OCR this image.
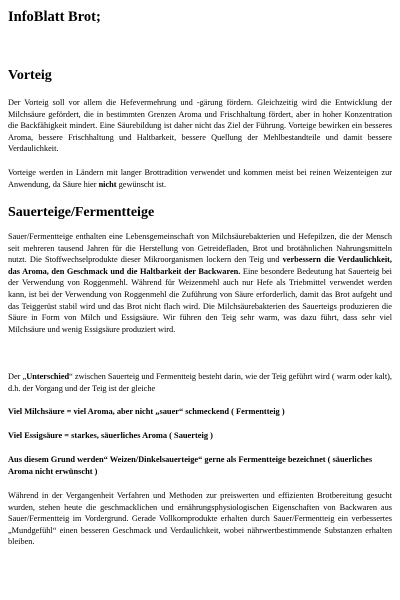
InfoBlatt Brot;
Vorteig

Der Vorteig soll vor allem die Hefevermehrung und -gärung fördern. Gleichzeitig wird die Entwicklung der Milchsäure gefördert, die in bestimmten Grenzen Aroma und Frischhaltung fördert, aber in hoher Konzentration die Backfähigkeit mindert. Eine Säurebildung ist daher nicht das Ziel der Führung. Vorteige bewirken ein besseres Aroma, bessere Frischhaltung und Haltbarkeit, bessere Quellung der Mehlbestandteile und damit bessere Verdaulichkeit.

Vorteige werden in Ländern mit langer Brottradition verwendet und kommen meist bei reinen Weizenteigen zur Anwendung, da Säure hier nicht gewünscht ist.

Sauerteige/Fermentteige

Sauer/Fermentteige enthalten eine Lebensgemeinschaft von Milchsäurebakterien und Hefepilzen, die der Mensch seit mehreren tausend Jahren für die Herstellung von Getreidefladen, Brot und brotähnlichen Nahrungsmitteln nutzt. Die Stoffwechselprodukte dieser Mikroorganismen lockern den Teig und verbessern die Verdaulichkeit, das Aroma, den Geschmack und die Haltbarkeit der Backwaren. Eine besondere Bedeutung hat Sauerteig bei der Verwendung von Roggenmehl. Während für Weizenmehl auch nur Hefe als Triebmittel verwendet werden kann, ist bei der Verwendung von Roggenmehl die Zuführung von Säure erforderlich, damit das Brot aufgeht und das Teiggerüst stabil wird und das Brot nicht flach wird. Die Milchsäurebakterien des Sauerteigs produzieren die Säure in Form von Milch und Essigsäure. Wir führen den Teig sehr warm, was dazu führt, dass sehr viel Milchsäure und wenig Essigsäure produziert wird.

Der „Unterschied“ zwischen Sauerteig und Fermentteig besteht darin, wie der Teig geführt wird ( warm oder kalt), d.h. der Vorgang und der Teig ist der gleiche

Viel Milchsäure = viel Aroma, aber nicht „sauer“ schmeckend ( Fermentteig )

Viel Essigsäure = starkes, säuerliches Aroma ( Sauerteig )

Aus diesem Grund werden“ Weizen/Dinkelsauerteige“ gerne als Fermentteige bezeichnet ( säuerliches Aroma nicht erwünscht )

Während in der Vergangenheit Verfahren und Methoden zur preiswerten und effizienten Brotbereitung gesucht wurden, stehen heute die geschmacklichen und ernährungsphysiologischen Eigenschaften von Backwaren aus Sauer/Fermentteig im Vordergrund. Gerade Vollkornprodukte erhalten durch Sauer/Fermentteig ein verbessertes „Mundgefühl“ einen besseren Geschmack und Verdaulichkeit, wobei nährwertbestimmende Substanzen erhalten bleiben.
